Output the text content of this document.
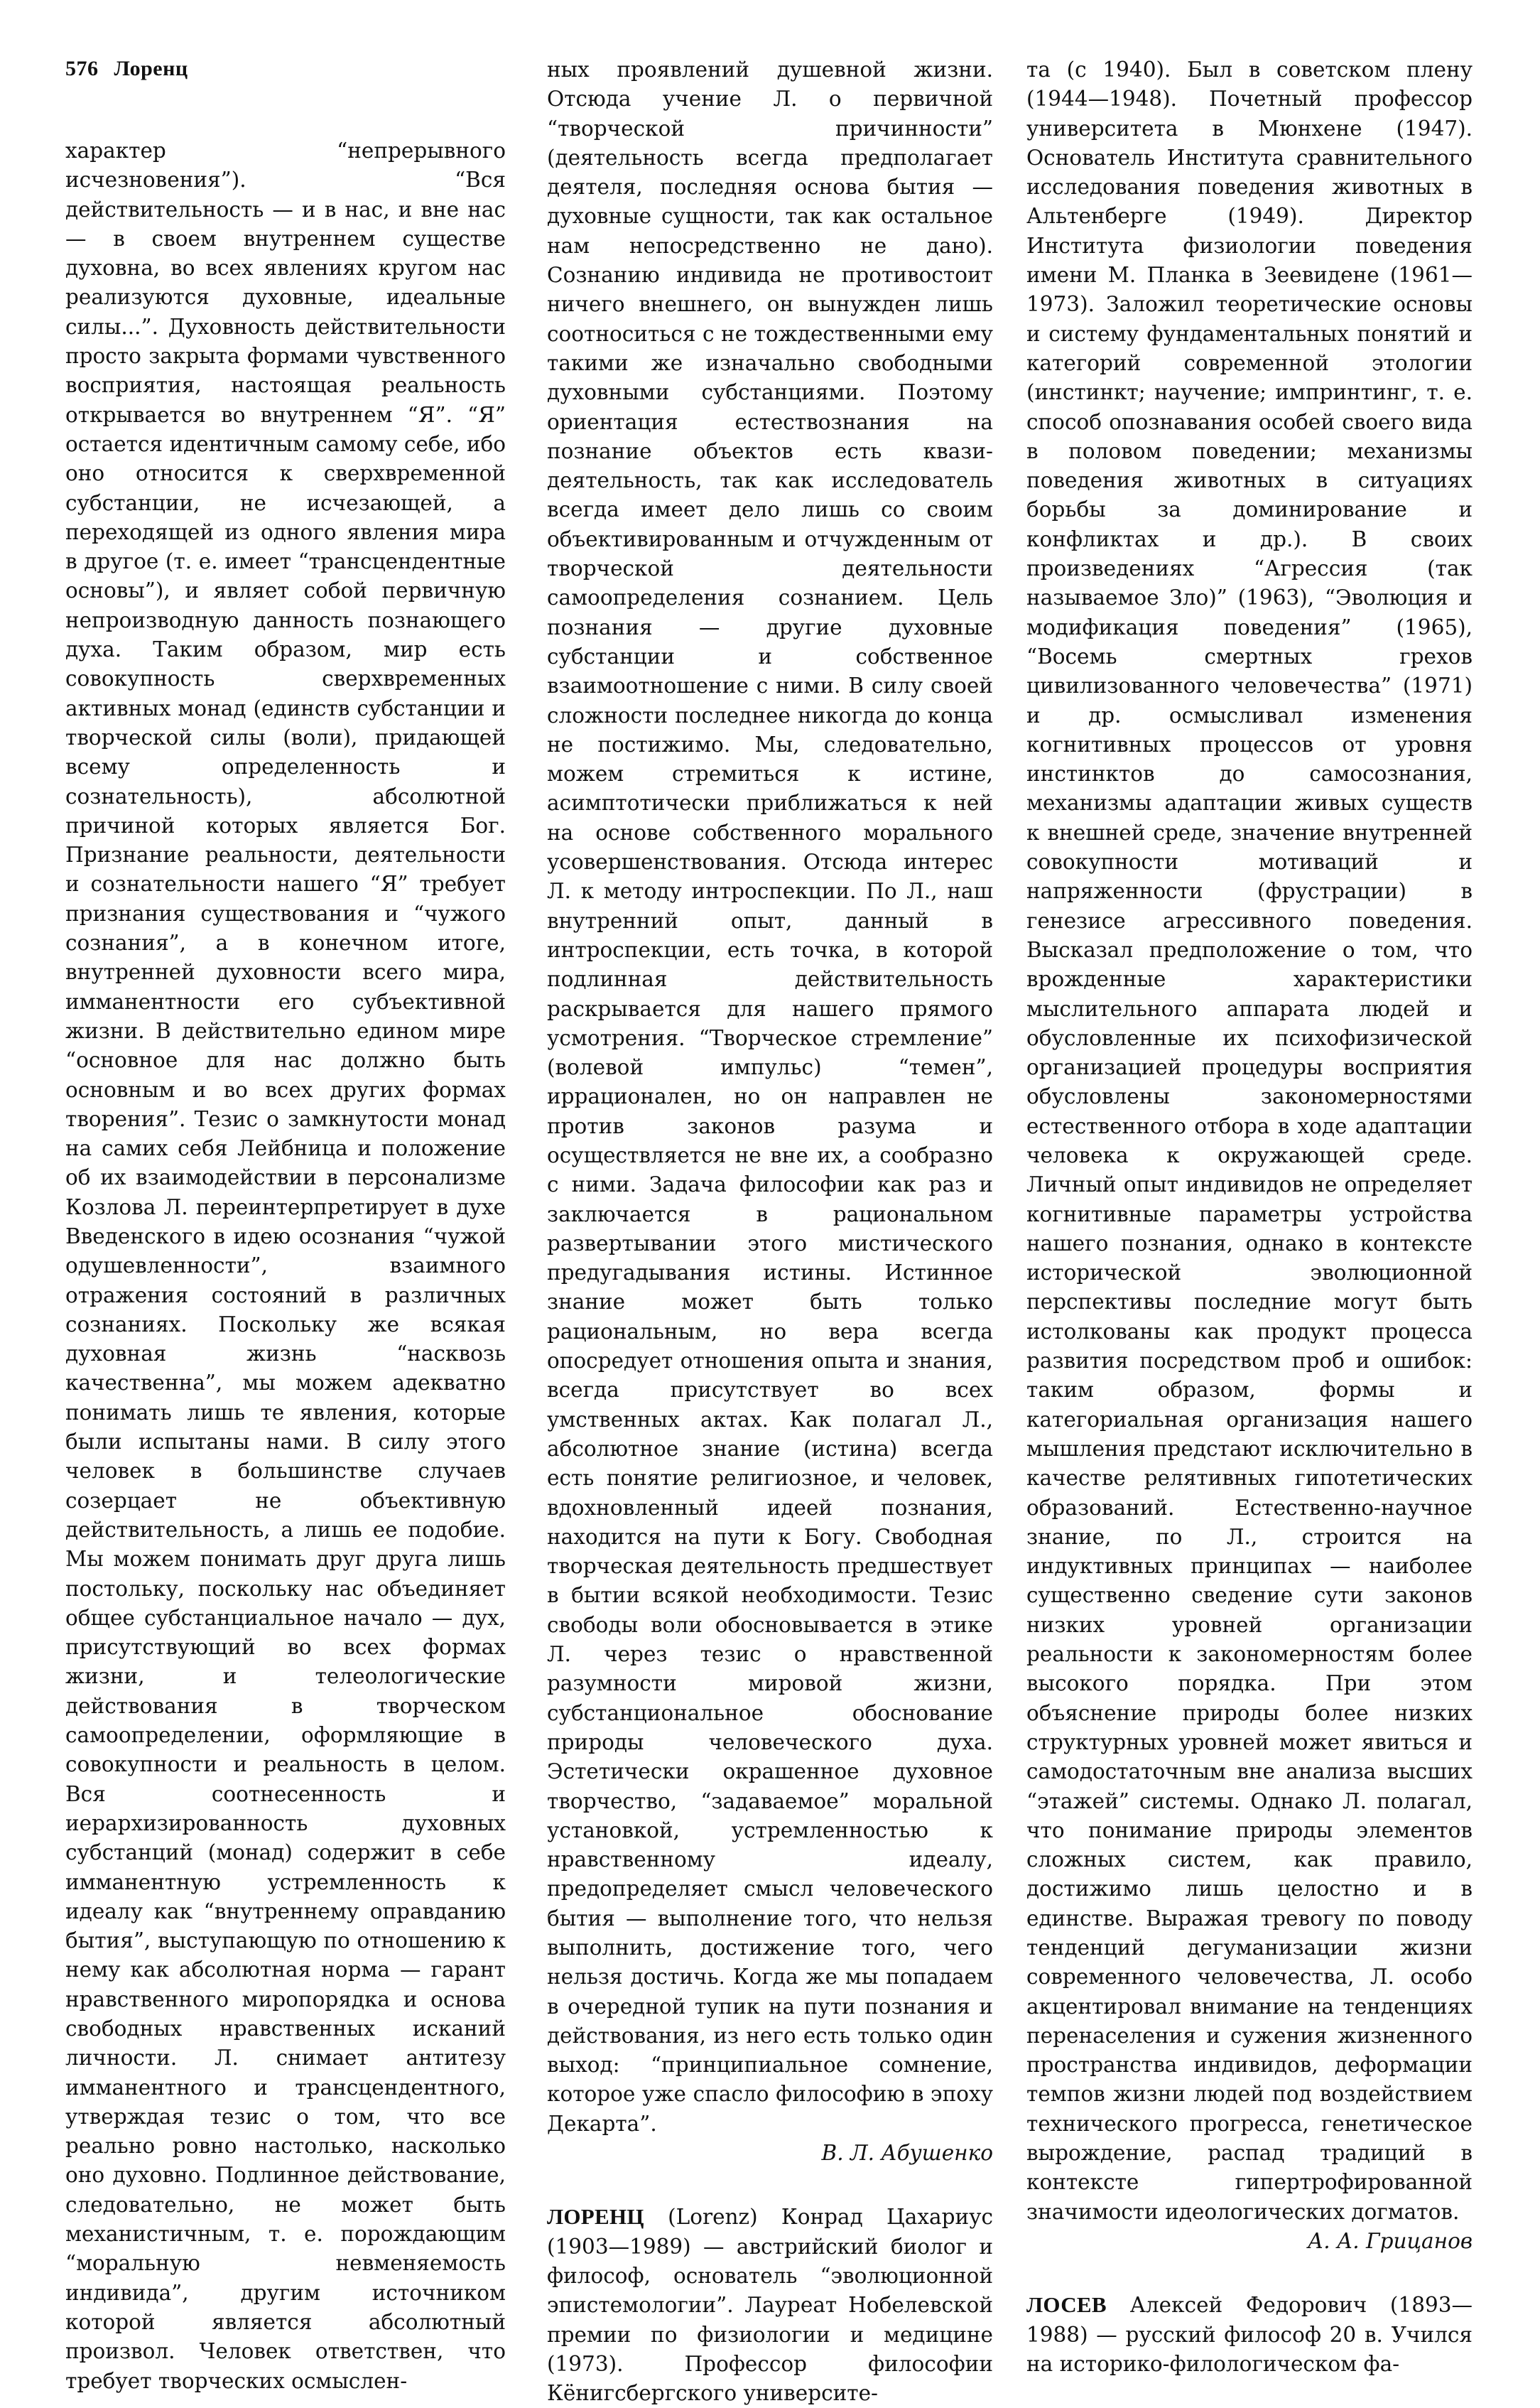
576 Лоренц

характер “непрерывного исчезновения”). “Вся действительность — и в нас, и вне нас — в своем внутреннем существе духовна, во всех явлениях кругом нас реализуются духовные, идеальные силы...”. Духовность действительности просто закрыта формами чувственного восприятия, настоящая реальность открывается во внутреннем “Я”. “Я” остается идентичным самому себе, ибо оно относится к сверхвременной субстанции, не исчезающей, а переходящей из одного явления мира в другое (т. е. имеет “трансцендентные основы”), и являет собой первичную непроизводную данность познающего духа. Таким образом, мир есть совокупность сверхвременных активных монад (единств субстанции и творческой силы (воли), придающей всему определенность и сознательность), абсолютной причиной которых является Бог. Признание реальности, деятельности и сознательности нашего “Я” требует признания существования и “чужого сознания”, а в конечном итоге, внутренней духовности всего мира, имманентности его субъективной жизни. В действительно едином мире “основное для нас должно быть основным и во всех других формах творения”. Тезис о замкнутости монад на самих себя Лейбница и положение об их взаимодействии в персонализме Козлова Л. переинтерпретирует в духе Введенского в идею осознания “чужой одушевленности”, взаимного отражения состояний в различных сознаниях. Поскольку же всякая духовная жизнь “насквозь качественна”, мы можем адекватно понимать лишь те явления, которые были испытаны нами. В силу этого человек в большинстве случаев созерцает не объективную действительность, а лишь ее подобие. Мы можем понимать друг друга лишь постольку, поскольку нас объединяет общее субстанциальное начало — дух, присутствующий во всех формах жизни, и телеологические действования в творческом самоопределении, оформляющие в совокупности и реальность в целом. Вся соотнесенность и иерархизированность духовных субстанций (монад) содержит в себе имманентную устремленность к идеалу как “внутреннему оправданию бытия”, выступающую по отношению к нему как абсолютная норма — гарант нравственного миропорядка и основа свободных нравственных исканий личности. Л. снимает антитезу имманентного и трансцендентного, утверждая тезис о том, что все реально ровно настолько, насколько оно духовно. Подлинное действование, следовательно, не может быть механистичным, т. е. порождающим “моральную невменяемость индивида”, другим источником которой является абсолютный произвол. Человек ответствен, что требует творческих осмыслен-

ных проявлений душевной жизни. Отсюда учение Л. о первичной “творческой причинности” (деятельность всегда предполагает деятеля, последняя основа бытия — духовные сущности, так как остальное нам непосредственно не дано). Сознанию индивида не противостоит ничего внешнего, он вынужден лишь соотноситься с не тождественными ему такими же изначально свободными духовными субстанциями. Поэтому ориентация естествознания на познание объектов есть квази-деятельность, так как исследователь всегда имеет дело лишь со своим объективированным и отчужденным от творческой деятельности самоопределения сознанием. Цель познания — другие духовные субстанции и собственное взаимоотношение с ними. В силу своей сложности последнее никогда до конца не постижимо. Мы, следовательно, можем стремиться к истине, асимптотически приближаться к ней на основе собственного морального усовершенствования. Отсюда интерес Л. к методу интроспекции. По Л., наш внутренний опыт, данный в интроспекции, есть точка, в которой подлинная действительность раскрывается для нашего прямого усмотрения. “Творческое стремление” (волевой импульс) “темен”, иррационален, но он направлен не против законов разума и осуществляется не вне их, а сообразно с ними. Задача философии как раз и заключается в рациональном развертывании этого мистического предугадывания истины. Истинное знание может быть только рациональным, но вера всегда опосредует отношения опыта и знания, всегда присутствует во всех умственных актах. Как полагал Л., абсолютное знание (истина) всегда есть понятие религиозное, и человек, вдохновленный идеей познания, находится на пути к Богу. Свободная творческая деятельность предшествует в бытии всякой необходимости. Тезис свободы воли обосновывается в этике Л. через тезис о нравственной разумности мировой жизни, субстанциональное обоснование природы человеческого духа. Эстетически окрашенное духовное творчество, “задаваемое” моральной установкой, устремленностью к нравственному идеалу, предопределяет смысл человеческого бытия — выполнение того, что нельзя выполнить, достижение того, чего нельзя достичь. Когда же мы попадаем в очередной тупик на пути познания и действования, из него есть только один выход: “принципиальное сомнение, которое уже спасло философию в эпоху Декарта”.

В. Л. Абушенко

ЛОРЕНЦ (Lorenz) Конрад Цахариус (1903—1989) — австрийский биолог и философ, основатель “эволюционной эпистемологии”. Лауреат Нобелевской премии по физиологии и медицине (1973). Профессор философии Кёнигсбергского университе-

та (с 1940). Был в советском плену (1944—1948). Почетный профессор университета в Мюнхене (1947). Основатель Института сравнительного исследования поведения животных в Альтенберге (1949). Директор Института физиологии поведения имени М. Планка в Зеевидене (1961—1973). Заложил теоретические основы и систему фундаментальных понятий и категорий современной этологии (инстинкт; научение; импринтинг, т. е. способ опознавания особей своего вида в половом поведении; механизмы поведения животных в ситуациях борьбы за доминирование и конфликтах и др.). В своих произведениях “Агрессия (так называемое Зло)” (1963), “Эволюция и модификация поведения” (1965), “Восемь смертных грехов цивилизованного человечества” (1971) и др. осмысливал изменения когнитивных процессов от уровня инстинктов до самосознания, механизмы адаптации живых существ к внешней среде, значение внутренней совокупности мотиваций и напряженности (фрустрации) в генезисе агрессивного поведения. Высказал предположение о том, что врожденные характеристики мыслительного аппарата людей и обусловленные их психофизической организацией процедуры восприятия обусловлены закономерностями естественного отбора в ходе адаптации человека к окружающей среде. Личный опыт индивидов не определяет когнитивные параметры устройства нашего познания, однако в контексте исторической эволюционной перспективы последние могут быть истолкованы как продукт процесса развития посредством проб и ошибок: таким образом, формы и категориальная организация нашего мышления предстают исключительно в качестве релятивных гипотетических образований. Естественно-научное знание, по Л., строится на индуктивных принципах — наиболее существенно сведение сути законов низких уровней организации реальности к закономерностям более высокого порядка. При этом объяснение природы более низких структурных уровней может явиться и самодостаточным вне анализа высших “этажей” системы. Однако Л. полагал, что понимание природы элементов сложных систем, как правило, достижимо лишь целостно и в единстве. Выражая тревогу по поводу тенденций дегуманизации жизни современного человечества, Л. особо акцентировал внимание на тенденциях перенаселения и сужения жизненного пространства индивидов, деформации темпов жизни людей под воздействием технического прогресса, генетическое вырождение, распад традиций в контексте гипертрофированной значимости идеологических догматов.

А. А. Грицанов

ЛОСЕВ Алексей Федорович (1893—1988) — русский философ 20 в. Учился на историко-филологическом фа-
